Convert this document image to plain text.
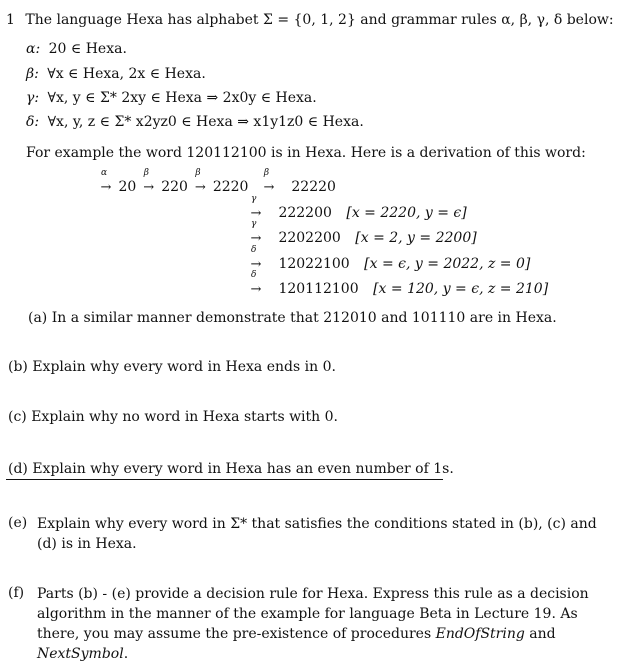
1 The language Hexa has alphabet Σ = {0, 1, 2} and grammar rules α, β, γ, δ below:
α: 20 ∈ Hexa.
β: ∀x ∈ Hexa, 2x ∈ Hexa.
γ: ∀x, y ∈ Σ* 2xy ∈ Hexa ⇒ 2x0y ∈ Hexa.
δ: ∀x, y, z ∈ Σ* x2yz0 ∈ Hexa ⇒ x1y1z0 ∈ Hexa.
For example the word 120112100 is in Hexa. Here is a derivation of this word:
α
→ 20
β
→ 220
β
→ 2220
β
→ 22220
γ
→ 222200 [x = 2220, y = ϵ]
γ
→ 2202200 [x = 2, y = 2200]
δ
→ 12022100 [x = ϵ, y = 2022, z = 0]
δ
→ 120112100 [x = 120, y = ϵ, z = 210]
(a) In a similar manner demonstrate that 212010 and 101110 are in Hexa.
(b) Explain why every word in Hexa ends in 0.
(c) Explain why no word in Hexa starts with 0.
(d) Explain why every word in Hexa has an even number of 1s.
(e) Explain why every word in Σ* that satisfies the conditions stated in (b), (c) and (d) is in Hexa.
(f) Parts (b) - (e) provide a decision rule for Hexa. Express this rule as a decision algorithm in the manner of the example for language Beta in Lecture 19. As there, you may assume the pre-existence of procedures EndOfString and NextSymbol.
